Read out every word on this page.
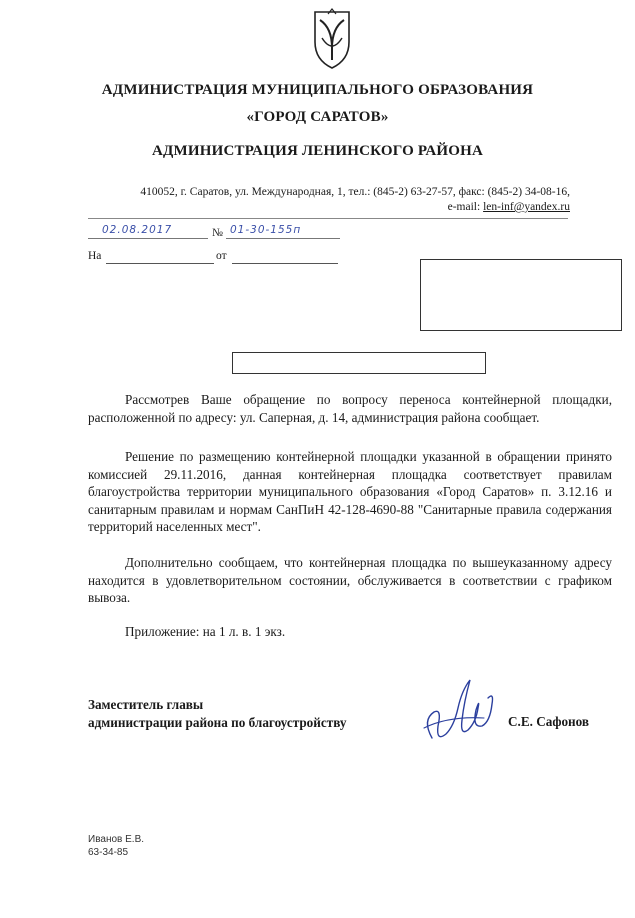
АДМИНИСТРАЦИЯ МУНИЦИПАЛЬНОГО ОБРАЗОВАНИЯ
«ГОРОД САРАТОВ»
АДМИНИСТРАЦИЯ ЛЕНИНСКОГО РАЙОНА
410052, г. Саратов, ул. Международная, 1, тел.: (845-2) 63-27-57, факс: (845-2) 34-08-16,
e-mail: len-inf@yandex.ru
02.08.2017	№ 01-30-155п
На	от
Рассмотрев Ваше обращение по вопросу переноса контейнерной площадки, расположенной по адресу: ул. Саперная, д. 14, администрация района сообщает.
Решение по размещению контейнерной площадки указанной в обращении принято комиссией 29.11.2016, данная контейнерная площадка соответствует правилам благоустройства территории муниципального образования «Город Саратов» п. 3.12.16 и санитарным правилам и нормам СанПиН 42-128-4690-88 "Санитарные правила содержания территорий населенных мест".
Дополнительно сообщаем, что контейнерная площадка по вышеуказанному адресу находится в удовлетворительном состоянии, обслуживается в соответствии с графиком вывоза.
Приложение: на 1 л. в. 1 экз.
Заместитель главы
администрации района по благоустройству	С.Е. Сафонов
Иванов Е.В.
63-34-85
